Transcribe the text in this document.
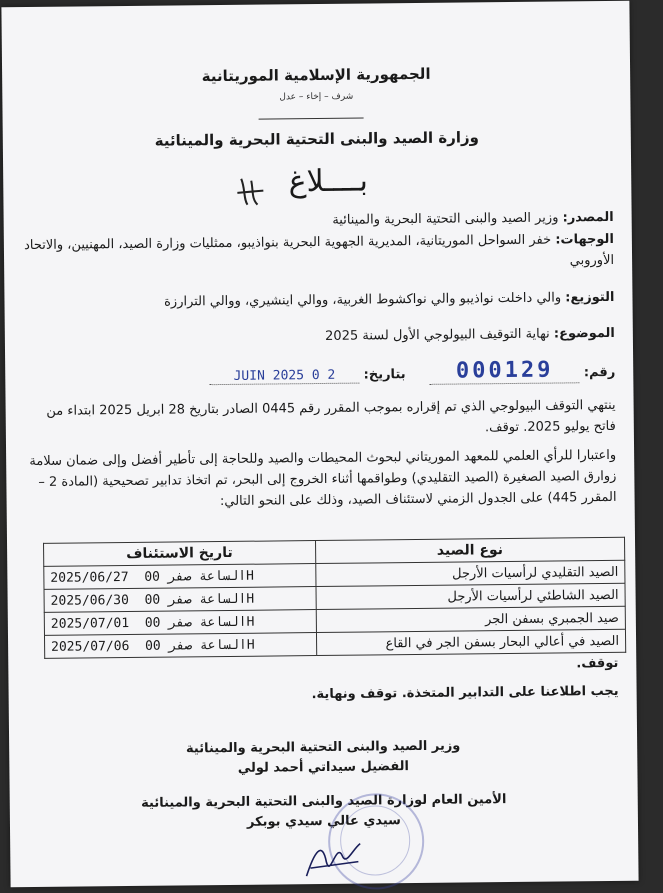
الجمهورية الإسلامية الموريتانية
شرف – إخاء – عدل
وزارة الصيد والبنى التحتية البحرية والمينائية
بــــلاغ
المصدر: وزير الصيد والبنى التحتية البحرية والمينائية
الوجهات: خفر السواحل الموريتانية، المديرية الجهوية البحرية بنواذيبو، ممثليات وزارة الصيد، المهنيين، والاتحاد الأوروبي
التوزيع: والي داخلت نواذيبو والي نواكشوط الغربية، ووالي اينشيري، ووالي الترارزة
الموضوع: نهاية التوقيف البيولوجي الأول لسنة 2025
رقم: 000129 بتاريخ: 2 0 JUIN 2025
ينتهي التوقف البيولوجي الذي تم إقراره بموجب المقرر رقم 0445 الصادر بتاريخ 28 ابريل 2025 ابتداء من فاتح يوليو 2025. توقف.
واعتبارا للرأي العلمي للمعهد الموريتاني لبحوث المحيطات والصيد وللحاجة إلى تأطير أفضل وإلى ضمان سلامة زوارق الصيد الصغيرة (الصيد التقليدي) وطواقمها أثناء الخروج إلى البحر، تم اتخاذ تدابير تصحيحية (المادة 2 – المقرر 445) على الجدول الزمني لاستئناف الصيد، وذلك على النحو التالي:
نوع الصيد	تاريخ الاستئناف
الصيد التقليدي لرأسيات الأرجل	2025/06/27 الساعة صفر 00H
الصيد الشاطئي لرأسيات الأرجل	2025/06/30 الساعة صفر 00H
صيد الجمبري بسفن الجر	2025/07/01 الساعة صفر 00H
الصيد في أعالي البحار بسفن الجر في القاع	2025/07/06 الساعة صفر 00H
توقف.
يجب اطلاعنا على التدابير المتخذة. توقف ونهاية.
وزير الصيد والبنى التحتية البحرية والمينائية
الفضيل سيداتي أحمد لولي
الأمين العام لوزارة الصيد والبنى التحتية البحرية والمينائية
سيدي عالي سيدي بوبكر
